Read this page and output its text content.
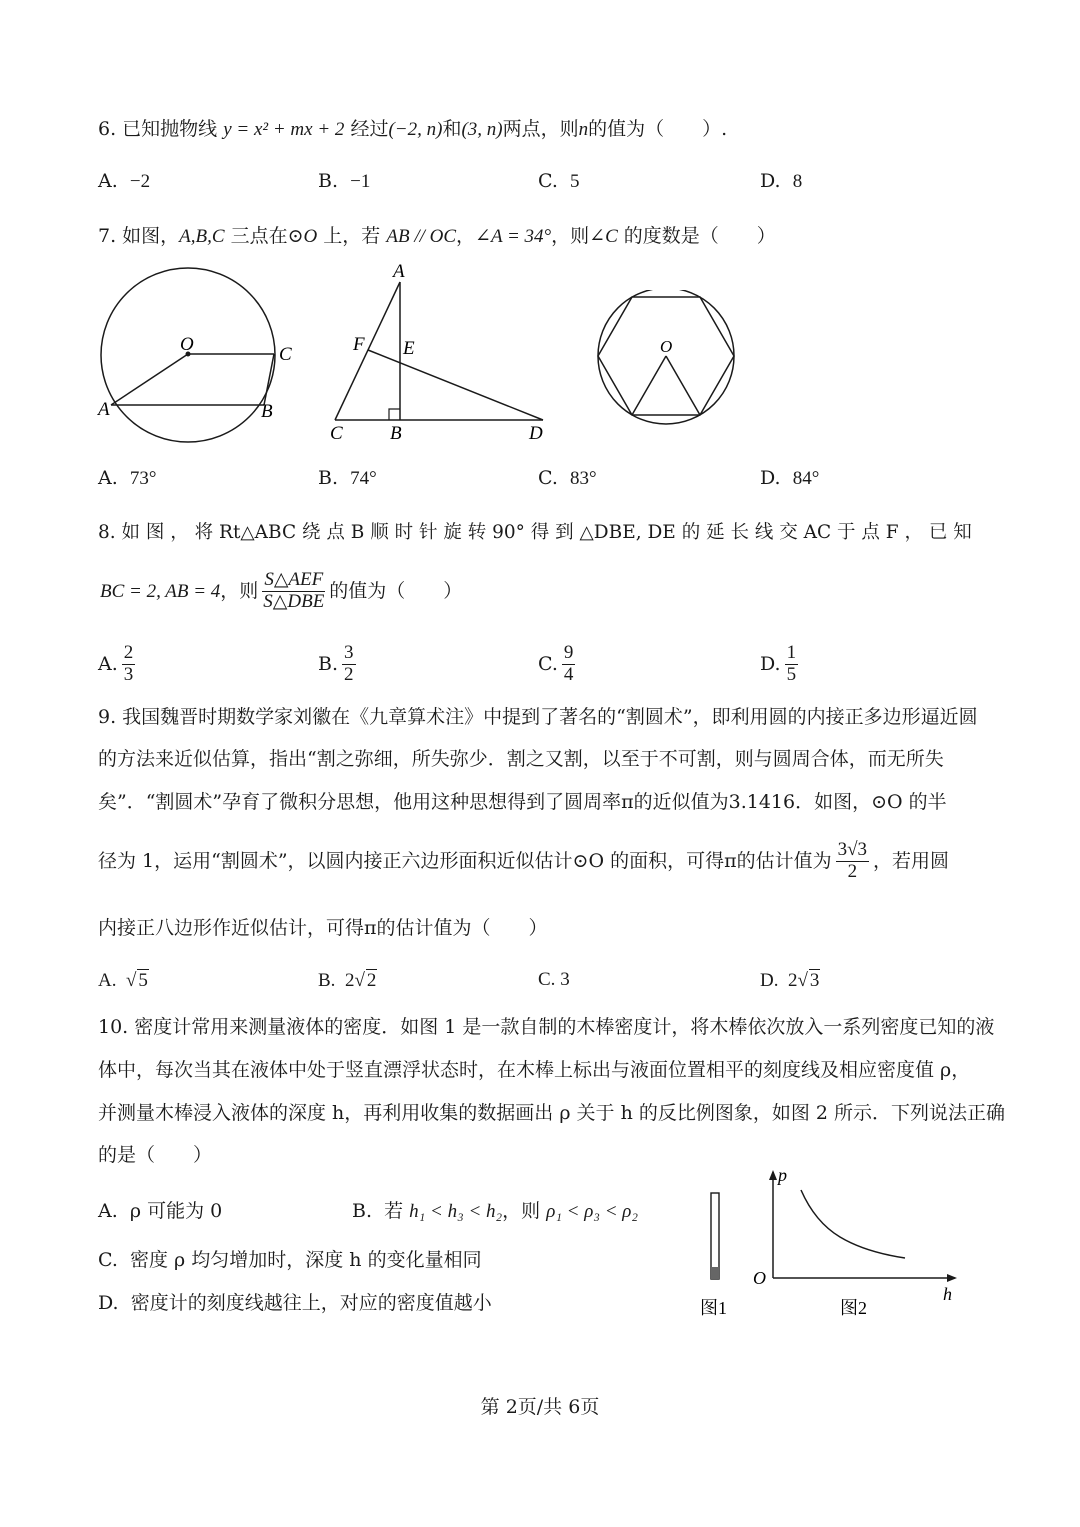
6. 已知抛物线 y = x² + mx + 2 经过(−2, n)和(3, n)两点，则n的值为（　　）.
A. −2	B. −1	C. 5	D. 8
7. 如图，A,B,C 三点在⊙O 上，若 AB // OC，∠A = 34°，则∠C 的度数是（　　）
O	C
A	B
A
F E
C B	D
O
A. 73°	B. 74°	C. 83°	D. 84°
8. 如 图 ， 将 Rt△ABC 绕 点 B 顺 时 针 旋 转 90° 得 到 △DBE, DE 的 延 长 线 交 AC 于 点 F ， 已 知
BC = 2, AB = 4 ，则 $\frac{\text{S△AEF}}{\text{S△DBE}}$ 的值为（　　）
A. $\frac{2}{3}$	B. $\frac{3}{2}$	C. $\frac{9}{4}$	D. $\frac{1}{5}$
9. 我国魏晋时期数学家刘徽在《九章算术注》中提到了著名的“割圆术”，即利用圆的内接正多边形逼近圆
的方法来近似估算，指出“割之弥细，所失弥少．割之又割，以至于不可割，则与圆周合体，而无所失
矣”．“割圆术”孕育了微积分思想，他用这种思想得到了圆周率π的近似值为3.1416．如图，⊙O 的半
径为 1，运用“割圆术”，以圆内接正六边形面积近似估计⊙O 的面积，可得π的估计值为 $\frac{3√3}{2}$ ，若用圆
内接正八边形作近似估计，可得π的估计值为（　　）
A. √ 5	B. 2√ 2	C. 3	D. 2√ 3
10. 密度计常用来测量液体的密度．如图 1 是一款自制的木棒密度计，将木棒依次放入一系列密度已知的液
体中，每次当其在液体中处于竖直漂浮状态时，在木棒上标出与液面位置相平的刻度线及相应密度值 ρ，
并测量木棒浸入液体的深度 h，再利用收集的数据画出 ρ 关于 h 的反比例图象，如图 2 所示．下列说法正确
的是（　　）
A. ρ 可能为 0	B. 若 h₁ < h₃ < h₂，则 ρ₁ < ρ₃ < ρ₂
C. 密度 ρ 均匀增加时，深度 h 的变化量相同
D. 密度计的刻度线越往上，对应的密度值越小	图1
p
h
O
图2
第 2页/共 6页
